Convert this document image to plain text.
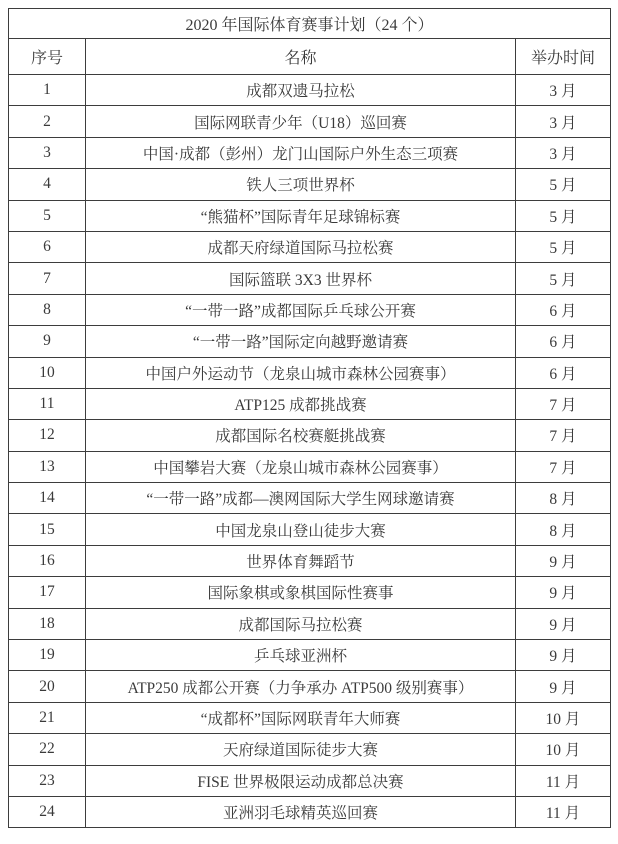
2020 年国际体育赛事计划（24 个）		
序号	名称	举办时间
1	成都双遗马拉松	3 月
2	国际网联青少年（U18）巡回赛	3 月
3	中国·成都（彭州）龙门山国际户外生态三项赛	3 月
4	铁人三项世界杯	5 月
5	“熊猫杯”国际青年足球锦标赛	5 月
6	成都天府绿道国际马拉松赛	5 月
7	国际篮联 3X3 世界杯	5 月
8	“一带一路”成都国际乒乓球公开赛	6 月
9	“一带一路”国际定向越野邀请赛	6 月
10	中国户外运动节（龙泉山城市森林公园赛事）	6 月
11	ATP125 成都挑战赛	7 月
12	成都国际名校赛艇挑战赛	7 月
13	中国攀岩大赛（龙泉山城市森林公园赛事）	7 月
14	“一带一路”成都—澳网国际大学生网球邀请赛	8 月
15	中国龙泉山登山徒步大赛	8 月
16	世界体育舞蹈节	9 月
17	国际象棋或象棋国际性赛事	9 月
18	成都国际马拉松赛	9 月
19	乒乓球亚洲杯	9 月
20	ATP250 成都公开赛（力争承办 ATP500 级别赛事）	9 月
21	“成都杯”国际网联青年大师赛	10 月
22	天府绿道国际徒步大赛	10 月
23	FISE 世界极限运动成都总决赛	11 月
24	亚洲羽毛球精英巡回赛	11 月
